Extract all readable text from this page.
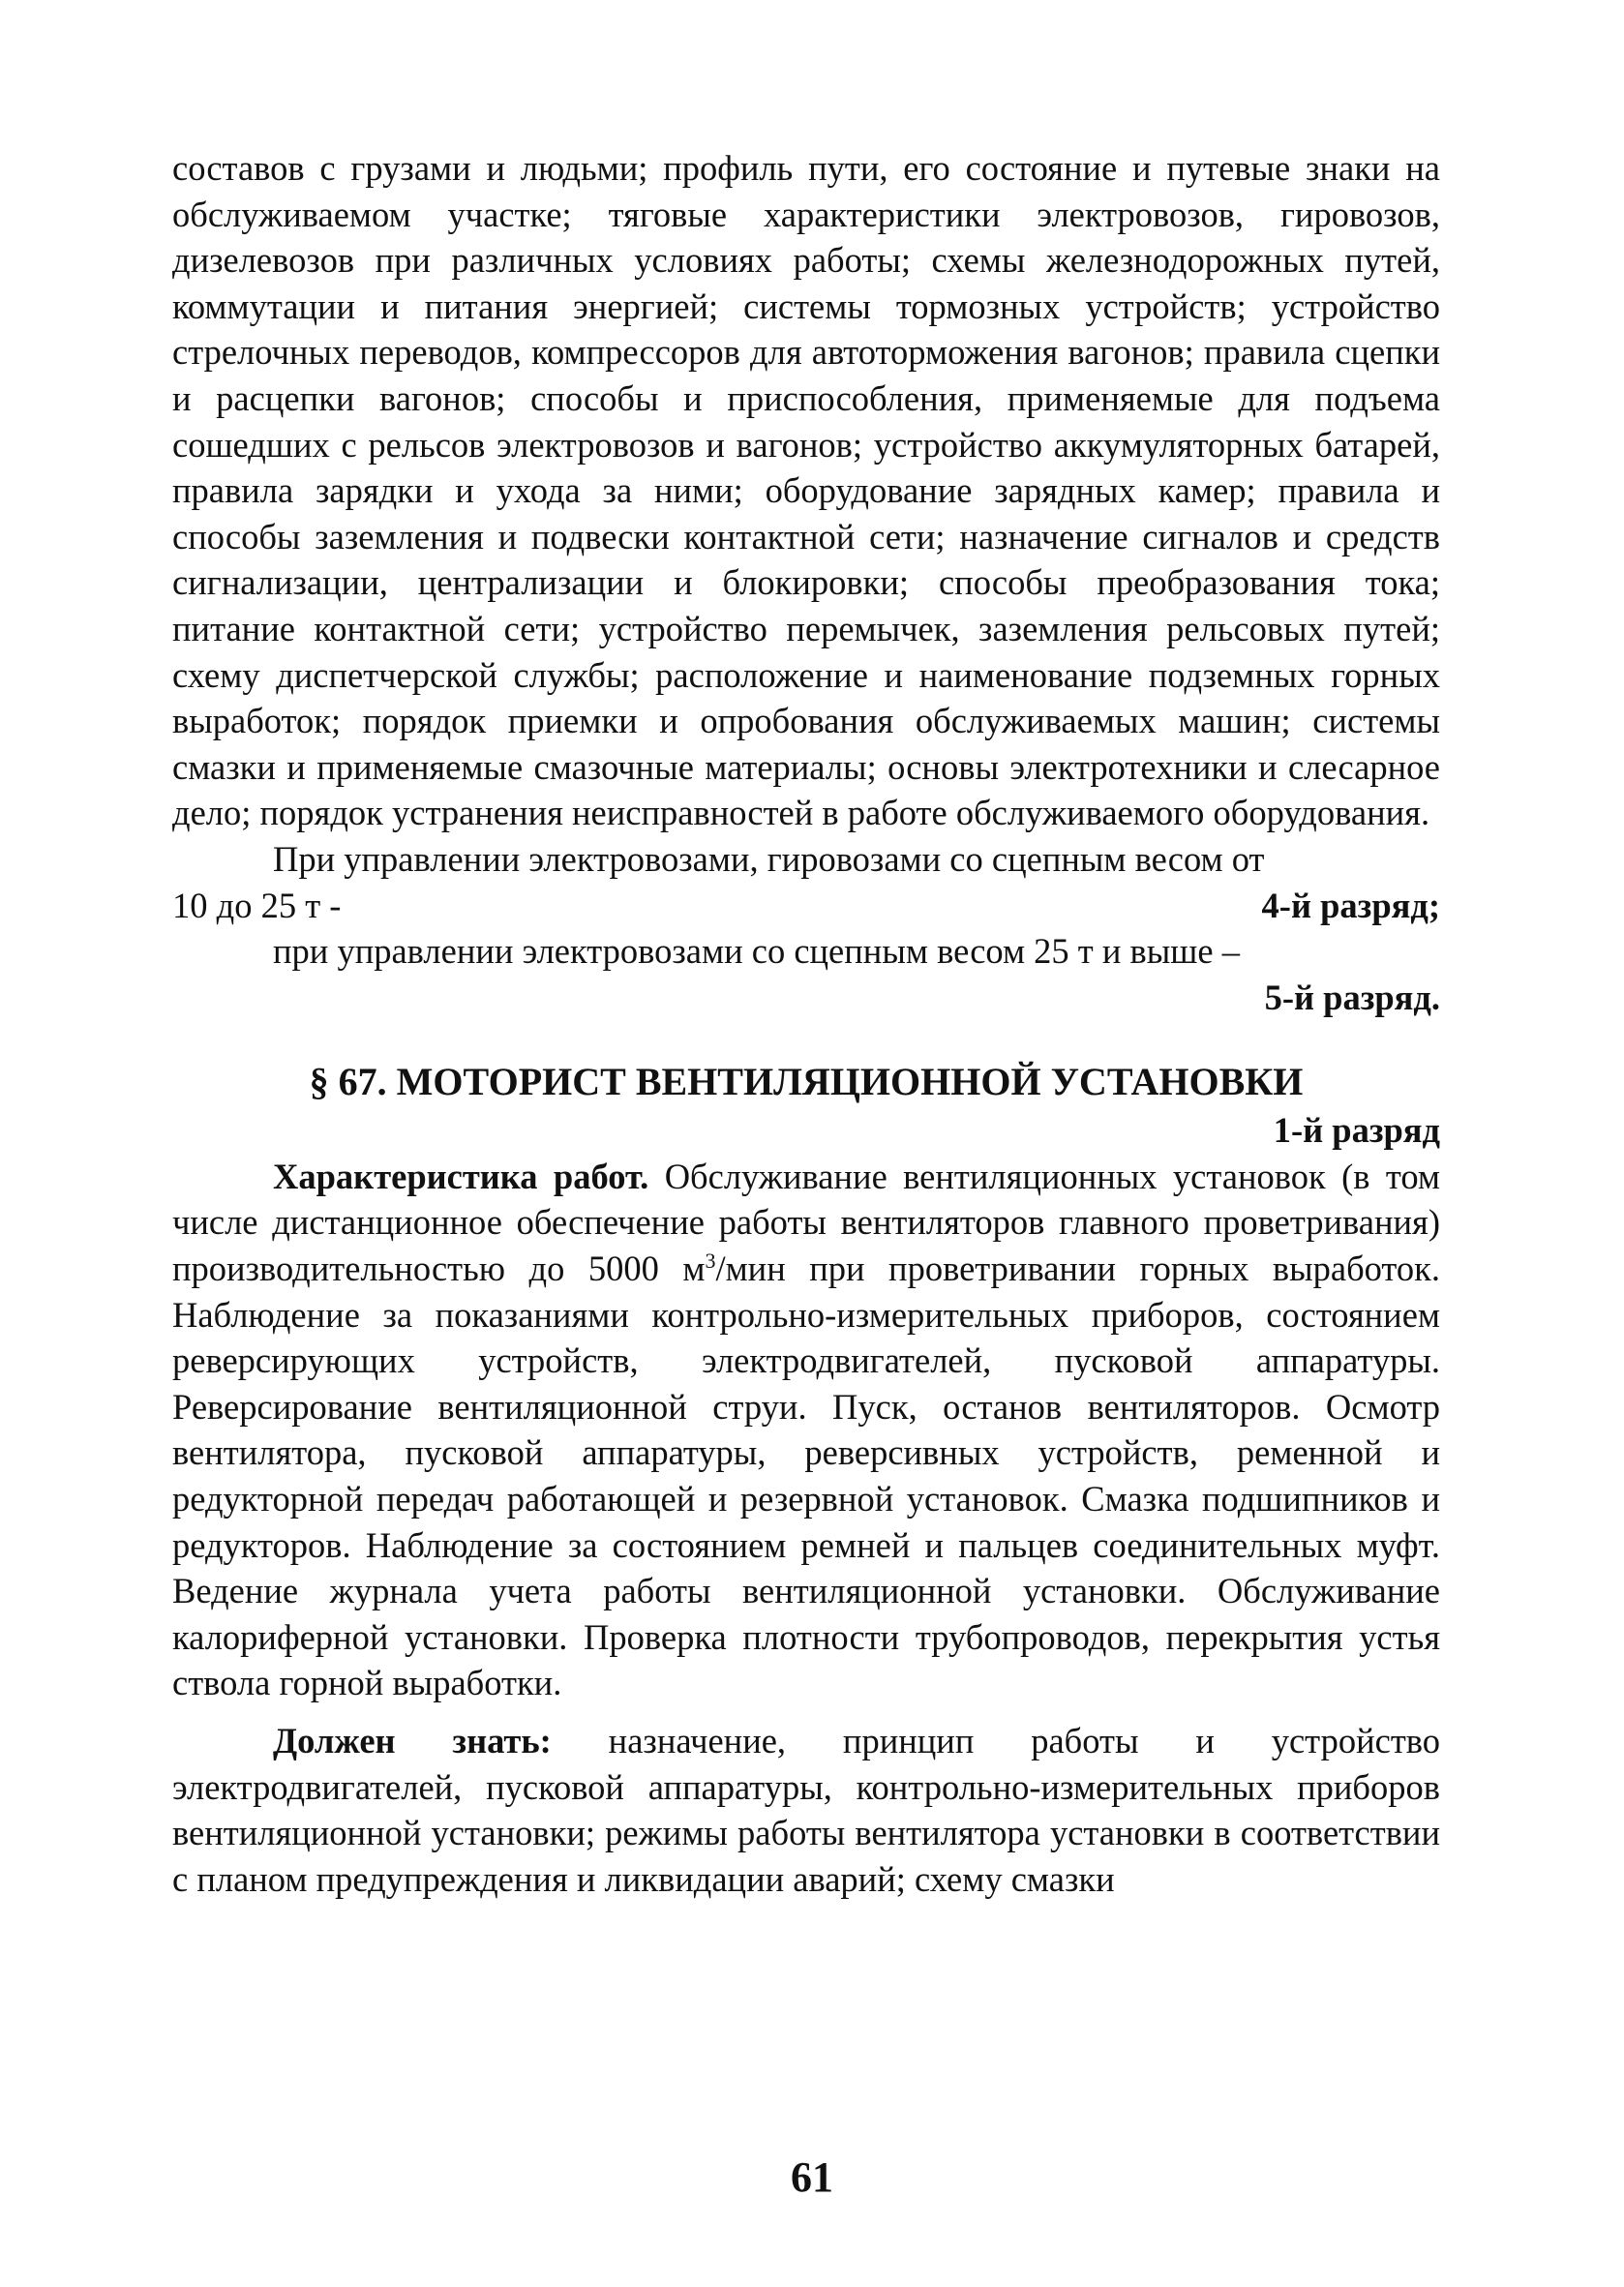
составов с грузами и людьми; профиль пути, его состояние и путевые знаки на обслуживаемом участке; тяговые характеристики электровозов, гировозов, дизелевозов при различных условиях работы; схемы железнодорожных путей, коммутации и питания энергией; системы тормозных устройств; устройство стрелочных переводов, компрессоров для автоторможения вагонов; правила сцепки и расцепки вагонов; способы и приспособления, применяемые для подъема сошедших с рельсов электровозов и вагонов; устройство аккумуляторных батарей, правила зарядки и ухода за ними; оборудование зарядных камер; правила и способы заземления и подвески контактной сети; назначение сигналов и средств сигнализации, централизации и блокировки; способы преобразования тока; питание контактной сети; устройство перемычек, заземления рельсовых путей; схему диспетчерской службы; расположение и наименование подземных горных выработок; порядок приемки и опробования обслуживаемых машин; системы смазки и применяемые смазочные материалы; основы электротехники и слесарное дело; порядок устранения неисправностей в работе обслуживаемого оборудования.

При управлении электровозами, гировозами со сцепным весом от

10 до 25 т -	4-й разряд;

при управлении электровозами со сцепным весом 25 т и выше –

5-й разряд.
§ 67. МОТОРИСТ ВЕНТИЛЯЦИОННОЙ УСТАНОВКИ
1-й разряд

Характеристика работ. Обслуживание вентиляционных установок (в том числе дистанционное обеспечение работы вентиляторов главного проветривания) производительностью до 5000 $м^3$/мин при проветривании горных выработок. Наблюдение за показаниями контрольно-измерительных приборов, состоянием реверсирующих устройств, электродвигателей, пусковой аппаратуры. Реверсирование вентиляционной струи. Пуск, останов вентиляторов. Осмотр вентилятора, пусковой аппаратуры, реверсивных устройств, ременной и редукторной передач работающей и резервной установок. Смазка подшипников и редукторов. Наблюдение за состоянием ремней и пальцев соединительных муфт. Ведение журнала учета работы вентиляционной установки. Обслуживание калориферной установки. Проверка плотности трубопроводов, перекрытия устья ствола горной выработки.

Должен знать: назначение, принцип работы и устройство электродвигателей, пусковой аппаратуры, контрольно-измерительных приборов вентиляционной установки; режимы работы вентилятора установки в соответствии с планом предупреждения и ликвидации аварий; схему смазки

61
